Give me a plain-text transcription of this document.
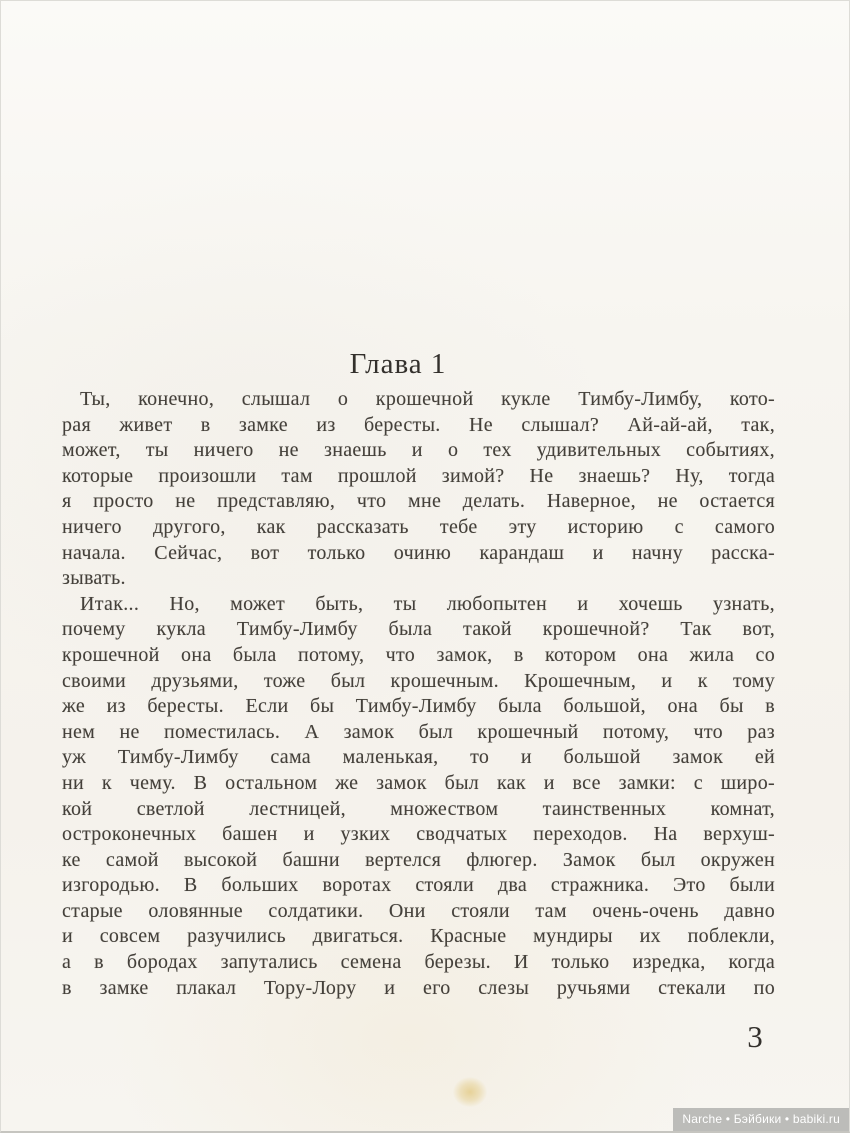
Глава 1
Ты, конечно, слышал о крошечной кукле Тимбу-Лимбу, кото-
рая живет в замке из бересты. Не слышал? Ай-ай-ай, так,
может, ты ничего не знаешь и о тех удивительных событиях,
которые произошли там прошлой зимой? Не знаешь? Ну, тогда
я просто не представляю, что мне делать. Наверное, не остается
ничего другого, как рассказать тебе эту историю с самого
начала. Сейчас, вот только очиню карандаш и начну расска-
зывать.
Итак... Но, может быть, ты любопытен и хочешь узнать,
почему кукла Тимбу-Лимбу была такой крошечной? Так вот,
крошечной она была потому, что замок, в котором она жила со
своими друзьями, тоже был крошечным. Крошечным, и к тому
же из бересты. Если бы Тимбу-Лимбу была большой, она бы в
нем не поместилась. А замок был крошечный потому, что раз
уж Тимбу-Лимбу сама маленькая, то и большой замок ей
ни к чему. В остальном же замок был как и все замки: с широ-
кой светлой лестницей, множеством таинственных комнат,
остроконечных башен и узких сводчатых переходов. На верхуш-
ке самой высокой башни вертелся флюгер. Замок был окружен
изгородью. В больших воротах стояли два стражника. Это были
старые оловянные солдатики. Они стояли там очень-очень давно
и совсем разучились двигаться. Красные мундиры их поблекли,
а в бородах запутались семена березы. И только изредка, когда
в замке плакал Тору-Лору и его слезы ручьями стекали по
3
Narche • Бэйбики • babiki.ru
